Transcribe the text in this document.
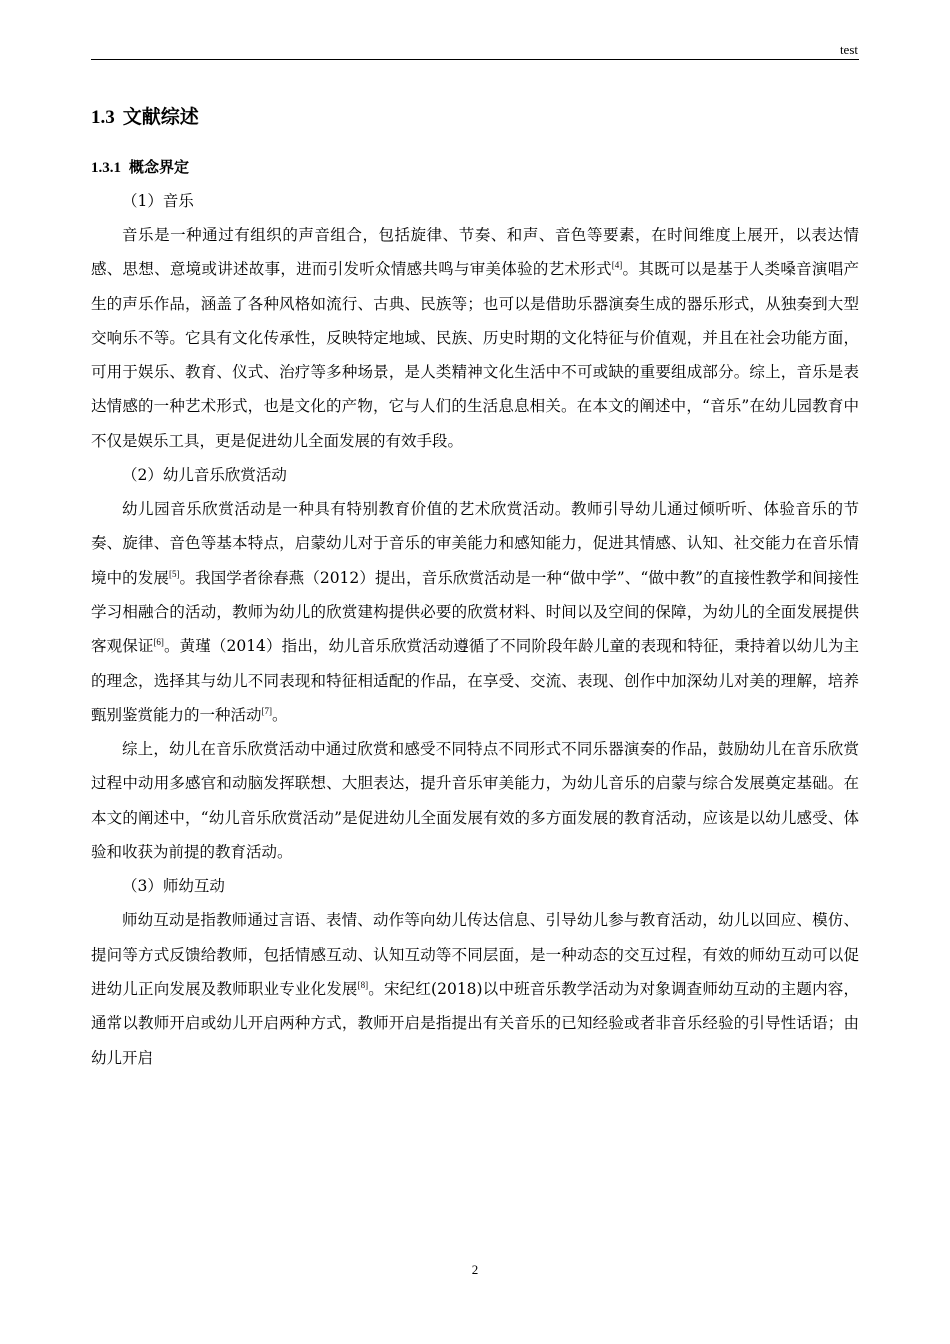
test
1.3 文献综述
1.3.1 概念界定

（1）音乐

音乐是一种通过有组织的声音组合，包括旋律、节奏、和声、音色等要素，在时间维度上展开，以表达情感、思想、意境或讲述故事，进而引发听众情感共鸣与审美体验的艺术形式[4]。其既可以是基于人类嗓音演唱产生的声乐作品，涵盖了各种风格如流行、古典、民族等；也可以是借助乐器演奏生成的器乐形式，从独奏到大型交响乐不等。它具有文化传承性，反映特定地域、民族、历史时期的文化特征与价值观，并且在社会功能方面，可用于娱乐、教育、仪式、治疗等多种场景，是人类精神文化生活中不可或缺的重要组成部分。综上，音乐是表达情感的一种艺术形式，也是文化的产物，它与人们的生活息息相关。在本文的阐述中，“音乐”在幼儿园教育中不仅是娱乐工具，更是促进幼儿全面发展的有效手段。

（2）幼儿音乐欣赏活动

幼儿园音乐欣赏活动是一种具有特别教育价值的艺术欣赏活动。教师引导幼儿通过倾听听、体验音乐的节奏、旋律、音色等基本特点，启蒙幼儿对于音乐的审美能力和感知能力，促进其情感、认知、社交能力在音乐情境中的发展[5]。我国学者徐春燕（2012）提出，音乐欣赏活动是一种“做中学”、“做中教”的直接性教学和间接性学习相融合的活动，教师为幼儿的欣赏建构提供必要的欣赏材料、时间以及空间的保障，为幼儿的全面发展提供客观保证[6]。黄瑾（2014）指出，幼儿音乐欣赏活动遵循了不同阶段年龄儿童的表现和特征，秉持着以幼儿为主的理念，选择其与幼儿不同表现和特征相适配的作品，在享受、交流、表现、创作中加深幼儿对美的理解，培养甄别鉴赏能力的一种活动[7]。

综上，幼儿在音乐欣赏活动中通过欣赏和感受不同特点不同形式不同乐器演奏的作品，鼓励幼儿在音乐欣赏过程中动用多感官和动脑发挥联想、大胆表达，提升音乐审美能力，为幼儿音乐的启蒙与综合发展奠定基础。在本文的阐述中，“幼儿音乐欣赏活动”是促进幼儿全面发展有效的多方面发展的教育活动，应该是以幼儿感受、体验和收获为前提的教育活动。

（3）师幼互动

师幼互动是指教师通过言语、表情、动作等向幼儿传达信息、引导幼儿参与教育活动，幼儿以回应、模仿、提问等方式反馈给教师，包括情感互动、认知互动等不同层面，是一种动态的交互过程，有效的师幼互动可以促进幼儿正向发展及教师职业专业化发展[8]。宋纪红(2018)以中班音乐教学活动为对象调查师幼互动的主题内容，通常以教师开启或幼儿开启两种方式，教师开启是指提出有关音乐的已知经验或者非音乐经验的引导性话语；由幼儿开启

2
